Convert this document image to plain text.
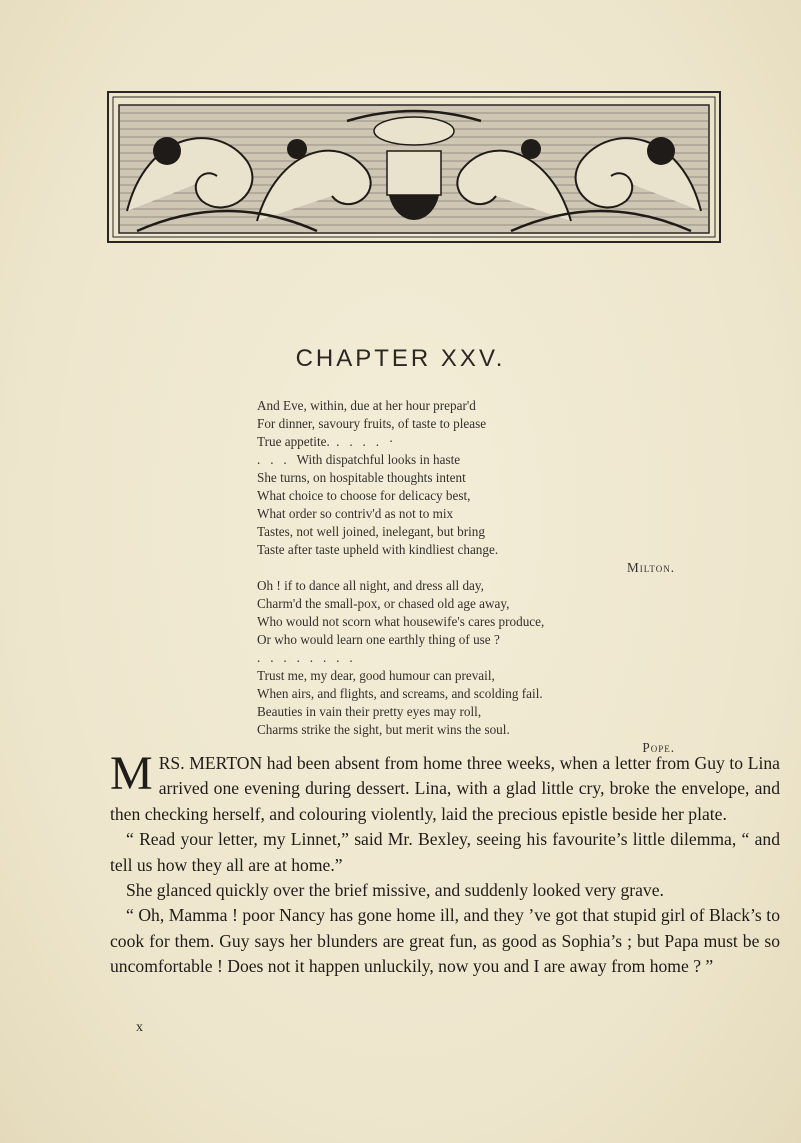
CHAPTER XXV.
And Eve, within, due at her hour prepar'd
For dinner, savoury fruits, of taste to please
True appetite.	.	.	.	.	·
.	.	.	With dispatchful looks in haste
She turns, on hospitable thoughts intent
What choice to choose for delicacy best,
What order so contriv'd as not to mix
Tastes, not well joined, inelegant, but bring
Taste after taste upheld with kindliest change.
Milton.
Oh ! if to dance all night, and dress all day,
Charm'd the small-pox, or chased old age away,
Who would not scorn what housewife's cares produce,
Or who would learn one earthly thing of use ?
.	.	.	.	.	.	.	.
Trust me, my dear, good humour can prevail,
When airs, and flights, and screams, and scolding fail.
Beauties in vain their pretty eyes may roll,
Charms strike the sight, but merit wins the soul.
Pope.

MRS. MERTON had been absent from home three weeks, when a letter from Guy to Lina arrived one evening during dessert. Lina, with a glad little cry, broke the envelope, and then checking herself, and colouring violently, laid the precious epistle beside her plate.

“ Read your letter, my Linnet,” said Mr. Bexley, seeing his favourite’s little dilemma, “ and tell us how they all are at home.”

She glanced quickly over the brief missive, and suddenly looked very grave.

“ Oh, Mamma ! poor Nancy has gone home ill, and they ’ve got that stupid girl of Black’s to cook for them. Guy says her blunders are great fun, as good as Sophia’s ; but Papa must be so uncomfortable ! Does not it happen unluckily, now you and I are away from home ? ”

x
